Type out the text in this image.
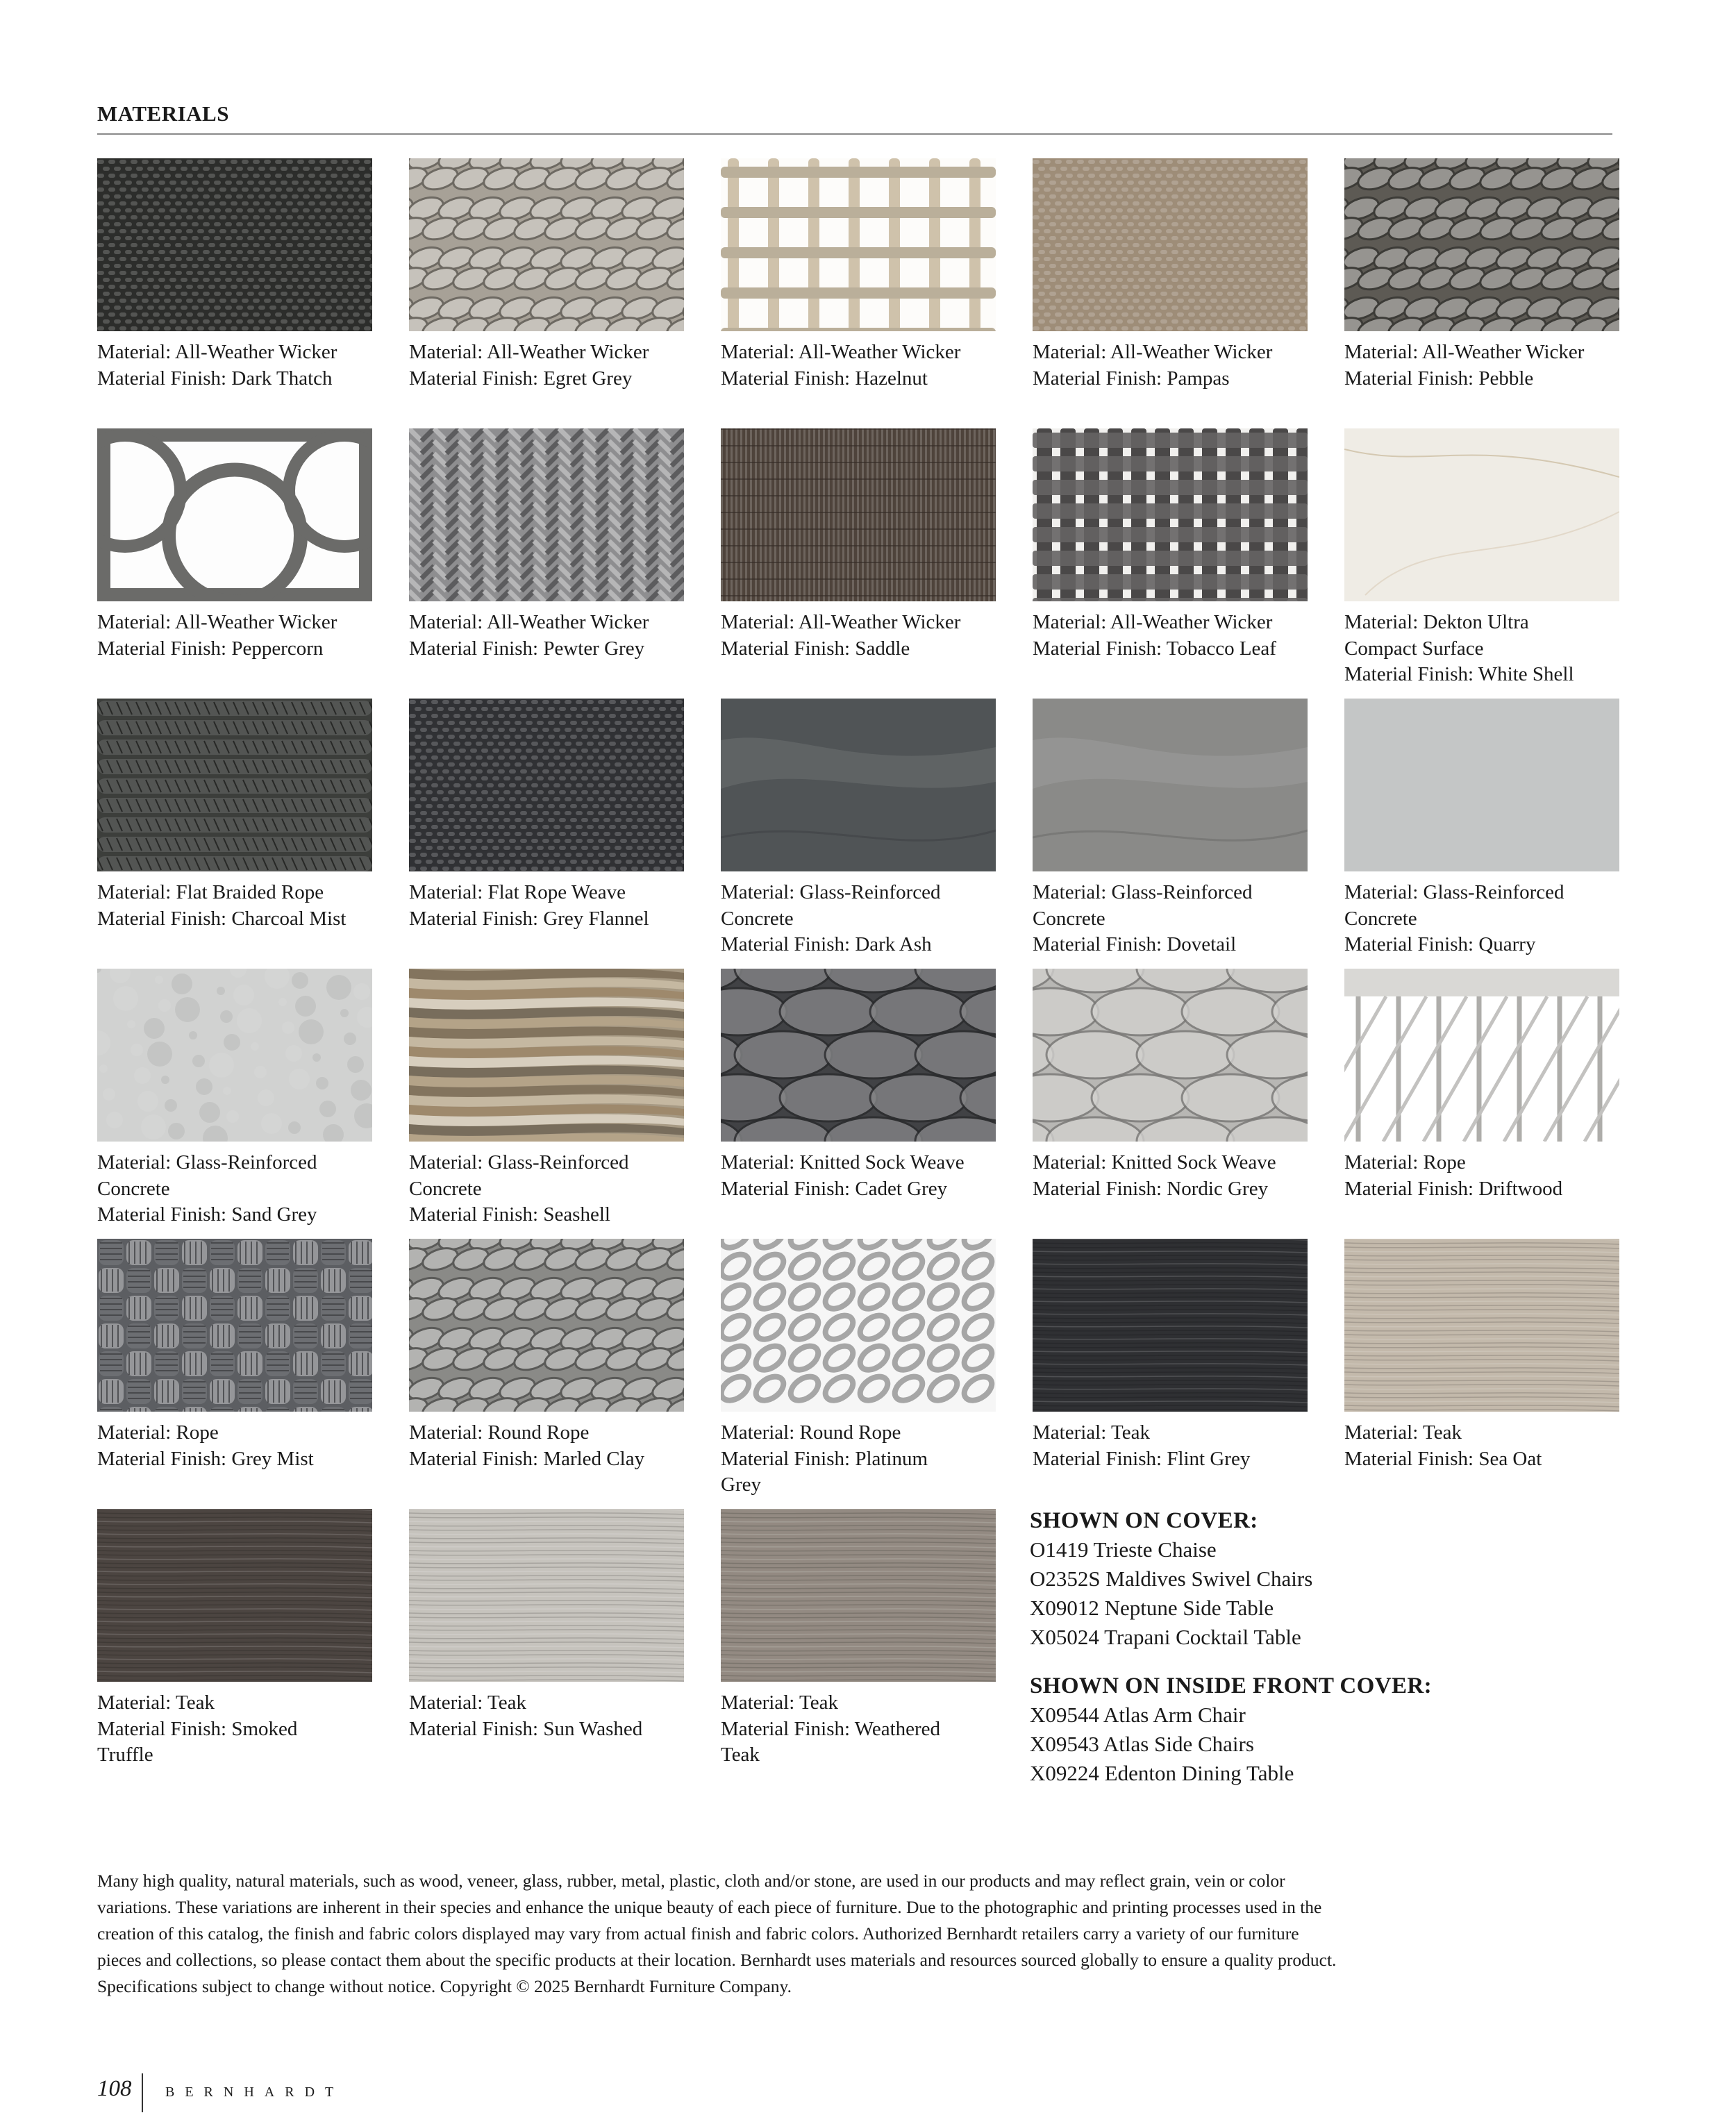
MATERIALS
Material: All-Weather Wicker
Material Finish: Dark Thatch
Material: All-Weather Wicker
Material Finish: Egret Grey
Material: All-Weather Wicker
Material Finish: Hazelnut
Material: All-Weather Wicker
Material Finish: Pampas
Material: All-Weather Wicker
Material Finish: Pebble
Material: All-Weather Wicker
Material Finish: Peppercorn
Material: All-Weather Wicker
Material Finish: Pewter Grey
Material: All-Weather Wicker
Material Finish: Saddle
Material: All-Weather Wicker
Material Finish: Tobacco Leaf
Material: Dekton Ultra
Compact Surface
Material Finish: White Shell
Material: Flat Braided Rope
Material Finish: Charcoal Mist
Material: Flat Rope Weave
Material Finish: Grey Flannel
Material: Glass-Reinforced
Concrete
Material Finish: Dark Ash
Material: Glass-Reinforced
Concrete
Material Finish: Dovetail
Material: Glass-Reinforced
Concrete
Material Finish: Quarry
Material: Glass-Reinforced
Concrete
Material Finish: Sand Grey
Material: Glass-Reinforced
Concrete
Material Finish: Seashell
Material: Knitted Sock Weave
Material Finish: Cadet Grey
Material: Knitted Sock Weave
Material Finish: Nordic Grey
Material: Rope
Material Finish: Driftwood
Material: Rope
Material Finish: Grey Mist
Material: Round Rope
Material Finish: Marled Clay
Material: Round Rope
Material Finish: Platinum
Grey
Material: Teak
Material Finish: Flint Grey
Material: Teak
Material Finish: Sea Oat
Material: Teak
Material Finish: Smoked
Truffle
Material: Teak
Material Finish: Sun Washed
Material: Teak
Material Finish: Weathered
Teak
SHOWN ON COVER:
O1419 Trieste Chaise
O2352S Maldives Swivel Chairs
X09012 Neptune Side Table
X05024 Trapani Cocktail Table
SHOWN ON INSIDE FRONT COVER:
X09544 Atlas Arm Chair
X09543 Atlas Side Chairs
X09224 Edenton Dining Table
Many high quality, natural materials, such as wood, veneer, glass, rubber, metal, plastic, cloth and/or stone, are used in our products and may reflect grain, vein or color variations. These variations are inherent in their species and enhance the unique beauty of each piece of furniture. Due to the photographic and printing processes used in the creation of this catalog, the finish and fabric colors displayed may vary from actual finish and fabric colors. Authorized Bernhardt retailers carry a variety of our furniture pieces and collections, so please contact them about the specific products at their location. Bernhardt uses materials and resources sourced globally to ensure a quality product. Specifications subject to change without notice. Copyright © 2025 Bernhardt Furniture Company.
108 BERNHARDT
